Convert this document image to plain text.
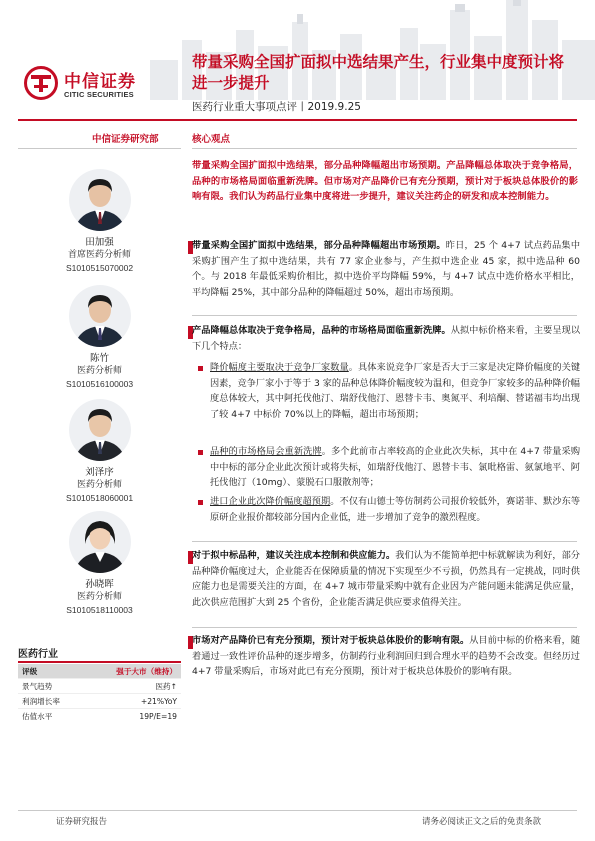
中信证券
CITIC SECURITIES
带量采购全国扩面拟中选结果产生，行业集中度预计将进一步提升
医药行业重大事项点评丨2019.9.25
中信证券研究部	核心观点

带量采购全国扩面拟中选结果，部分品种降幅超出市场预期。产品降幅总体取决于竞争格局，品种的市场格局面临重新洗牌。但市场对产品降价已有充分预期，预计对于板块总体股价的影响有限。我们认为药品行业集中度将进一步提升，建议关注药企的研发和成本控制能力。

田加强
首席医药分析师
S1010515070002
陈竹
医药分析师
S1010516100003
刘泽序
医药分析师
S1010518060001
孙晓晖
医药分析师
S1010518110003
医药行业
评级	强于大市（维持）
景气趋势	医药↑
利润增长率	+21%YoY
估值水平	19P/E=19

带量采购全国扩面拟中选结果，部分品种降幅超出市场预期。昨日，25 个 4+7 试点药品集中采购扩围产生了拟中选结果，共有 77 家企业参与，产生拟中选企业 45 家，拟中选品种 60 个。与 2018 年最低采购价相比，拟中选价平均降幅 59%，与 4+7 试点中选价格水平相比，平均降幅 25%，其中部分品种的降幅超过 50%，超出市场预期。

产品降幅总体取决于竞争格局，品种的市场格局面临重新洗牌。从拟中标价格来看，主要呈现以下几个特点：

降价幅度主要取决于竞争厂家数量。具体来说竞争厂家是否大于三家是决定降价幅度的关键因素，竞争厂家小于等于 3 家的品种总体降价幅度较为温和，但竞争厂家较多的品种降价幅度总体较大，其中阿托伐他汀、瑞舒伐他汀、恩替卡韦、奥氮平、利培酮、替诺福韦均出现了较 4+7 中标价 70%以上的降幅，超出市场预期；

品种的市场格局会重新洗牌。多个此前市占率较高的企业此次失标，其中在 4+7 带量采购中中标的部分企业此次预计或将失标，如瑞舒伐他汀、恩替卡韦、氯吡格雷、氨氯地平、阿托伐他汀（10mg）、蒙脱石口服散剂等；

进口企业此次降价幅度超预期。不仅有山德士等仿制药公司报价较低外，赛诺菲、默沙东等原研企业报价都较部分国内企业低，进一步增加了竞争的激烈程度。

对于拟中标品种，建议关注成本控制和供应能力。我们认为不能简单把中标就解读为利好，部分品种降价幅度过大，企业能否在保障质量的情况下实现至少不亏损，仍然具有一定挑战，同时供应能力也是需要关注的方面，在 4+7 城市带量采购中就有企业因为产能问题未能满足供应量，此次供应范围扩大到 25 个省份，企业能否满足供应要求值得关注。

市场对产品降价已有充分预期，预计对于板块总体股价的影响有限。从目前中标的价格来看，随着通过一致性评价品种的逐步增多，仿制药行业利润回归到合理水平的趋势不会改变。但经历过 4+7 带量采购后，市场对此已有充分预期，预计对于板块总体股价的影响有限。

证券研究报告	请务必阅读正文之后的免责条款
